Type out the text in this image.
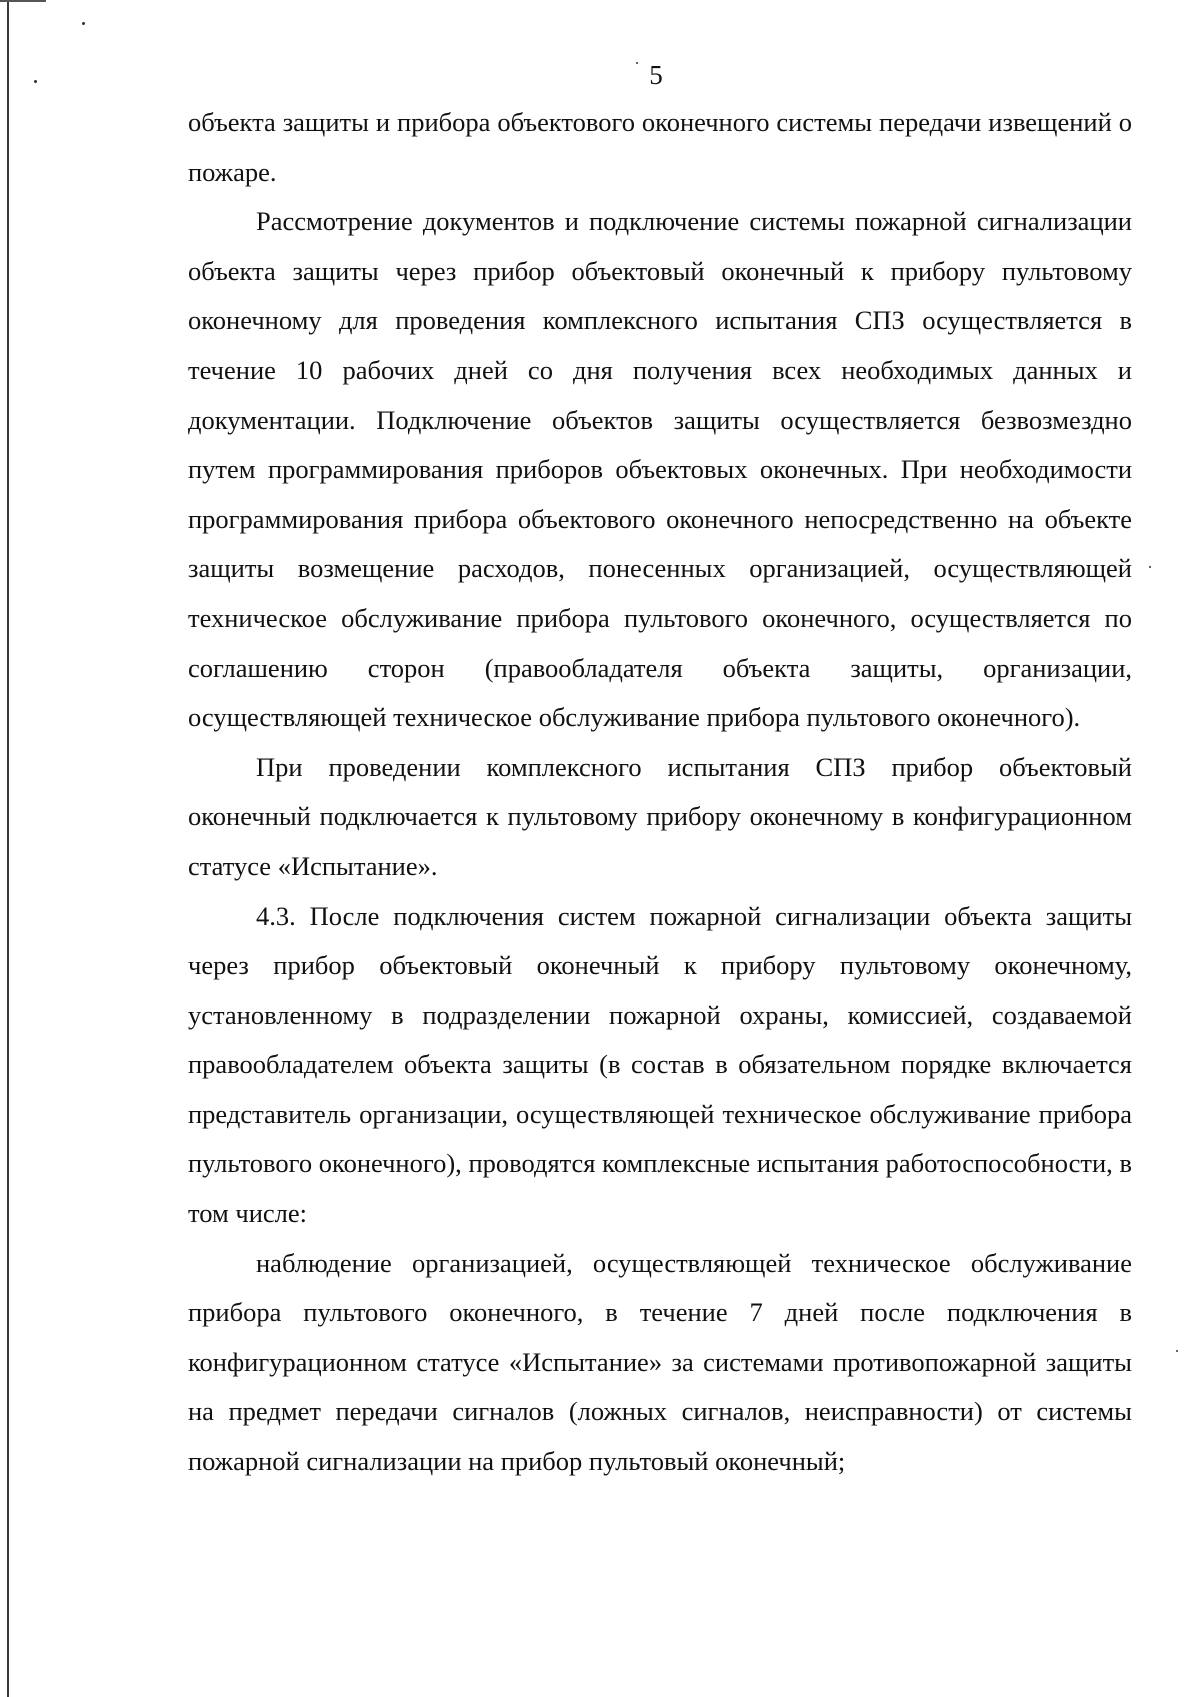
5

объекта защиты и прибора объектового оконечного системы передачи извещений о пожаре.

Рассмотрение документов и подключение системы пожарной сигнализации объекта защиты через прибор объектовый оконечный к прибору пультовому оконечному для проведения комплексного испытания СПЗ осуществляется в течение 10 рабочих дней со дня получения всех необходимых данных и документации. Подключение объектов защиты осуществляется безвозмездно путем программирования приборов объектовых оконечных. При необходимости программирования прибора объектового оконечного непосредственно на объекте защиты возмещение расходов, понесенных организацией, осуществляющей техническое обслуживание прибора пультового оконечного, осуществляется по соглашению сторон (правообладателя объекта защиты, организации, осуществляющей техническое обслуживание прибора пультового оконечного).

При проведении комплексного испытания СПЗ прибор объектовый оконечный подключается к пультовому прибору оконечному в конфигурационном статусе «Испытание».

4.3. После подключения систем пожарной сигнализации объекта защиты через прибор объектовый оконечный к прибору пультовому оконечному, установленному в подразделении пожарной охраны, комиссией, создаваемой правообладателем объекта защиты (в состав в обязательном порядке включается представитель организации, осуществляющей техническое обслуживание прибора пультового оконечного), проводятся комплексные испытания работоспособности, в том числе:

наблюдение организацией, осуществляющей техническое обслуживание прибора пультового оконечного, в течение 7 дней после подключения в конфигурационном статусе «Испытание» за системами противопожарной защиты на предмет передачи сигналов (ложных сигналов, неисправности) от системы пожарной сигнализации на прибор пультовый оконечный;
